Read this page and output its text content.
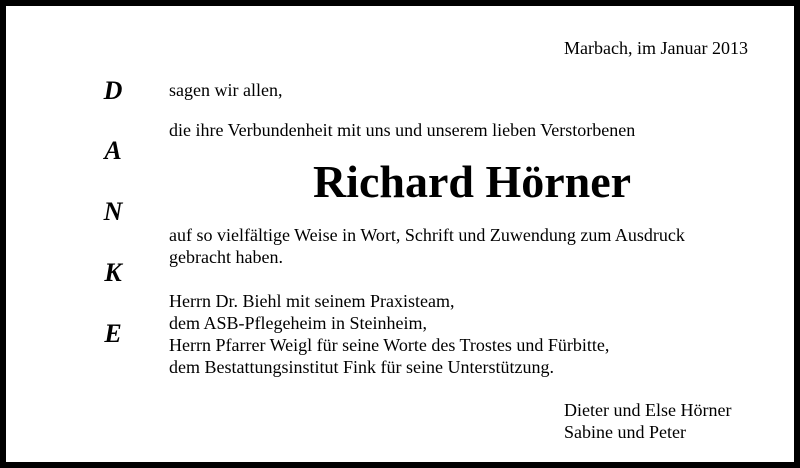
Marbach, im Januar 2013
D
A
N
K
E
sagen wir allen,
die ihre Verbundenheit mit uns und unserem lieben Verstorbenen
Richard Hörner
auf so vielfältige Weise in Wort, Schrift und Zuwendung zum Ausdruck
gebracht haben.
Herrn Dr. Biehl mit seinem Praxisteam,
dem ASB-Pflegeheim in Steinheim,
Herrn Pfarrer Weigl für seine Worte des Trostes und Fürbitte,
dem Bestattungsinstitut Fink für seine Unterstützung.
Dieter und Else Hörner
Sabine und Peter
